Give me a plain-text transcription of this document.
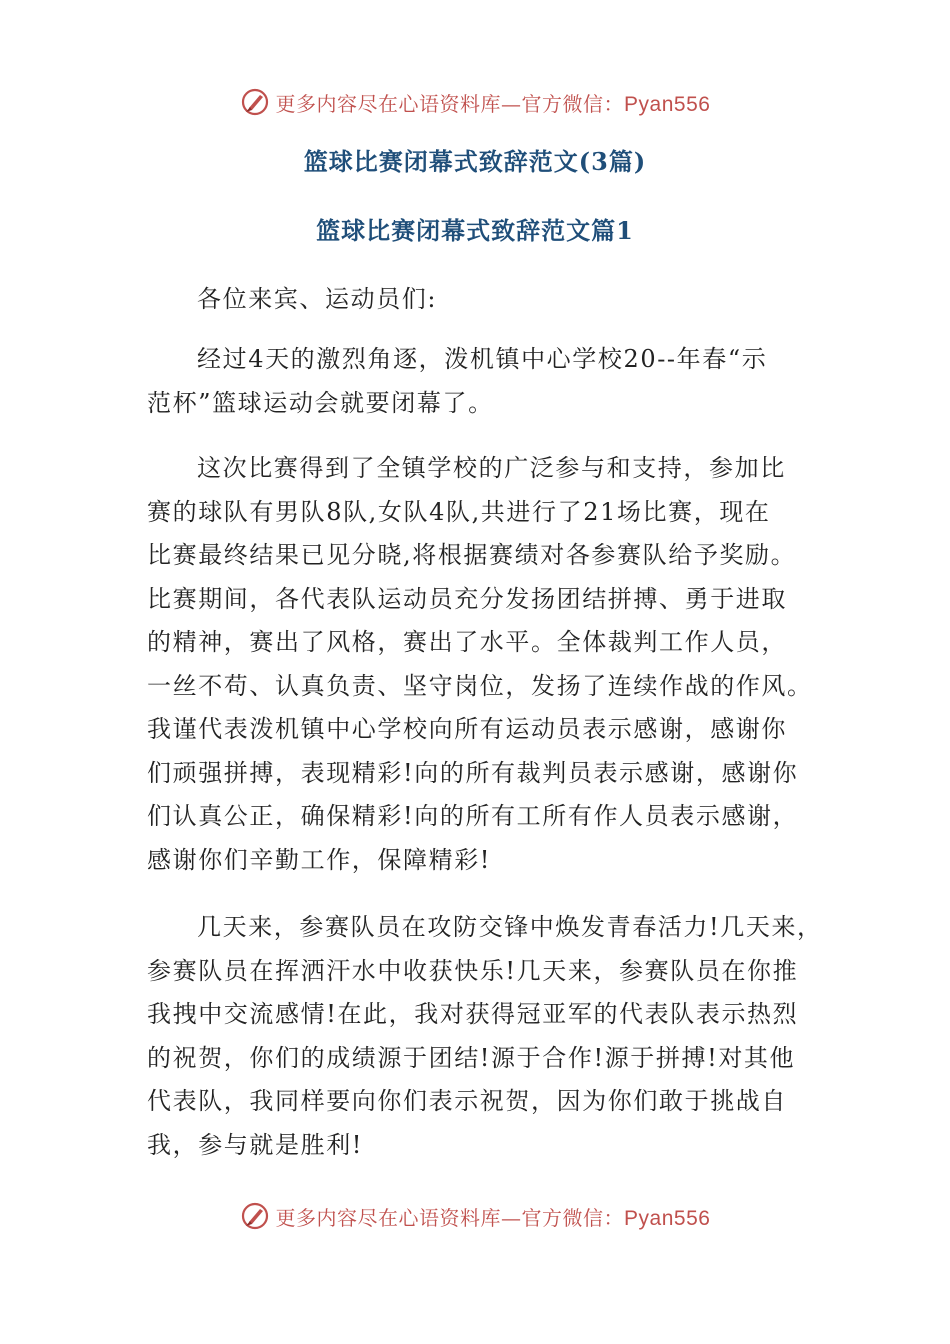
更多内容尽在心语资料库—官方微信：Pyan556
篮球比赛闭幕式致辞范文(3篇)
篮球比赛闭幕式致辞范文篇1
各位来宾、运动员们:
经过4天的激烈角逐，泼机镇中心学校20--年春“示
范杯”篮球运动会就要闭幕了。
这次比赛得到了全镇学校的广泛参与和支持，参加比
赛的球队有男队8队,女队4队,共进行了21场比赛，现在
比赛最终结果已见分晓,将根据赛绩对各参赛队给予奖励。
比赛期间，各代表队运动员充分发扬团结拼搏、勇于进取
的精神，赛出了风格，赛出了水平。全体裁判工作人员，
一丝不苟、认真负责、坚守岗位，发扬了连续作战的作风。
我谨代表泼机镇中心学校向所有运动员表示感谢，感谢你
们顽强拼搏，表现精彩!向的所有裁判员表示感谢，感谢你
们认真公正，确保精彩!向的所有工所有作人员表示感谢，
感谢你们辛勤工作，保障精彩!
几天来，参赛队员在攻防交锋中焕发青春活力!几天来，
参赛队员在挥洒汗水中收获快乐!几天来，参赛队员在你推
我拽中交流感情!在此，我对获得冠亚军的代表队表示热烈
的祝贺，你们的成绩源于团结!源于合作!源于拼搏!对其他
代表队，我同样要向你们表示祝贺，因为你们敢于挑战自
我，参与就是胜利!
更多内容尽在心语资料库—官方微信：Pyan556
